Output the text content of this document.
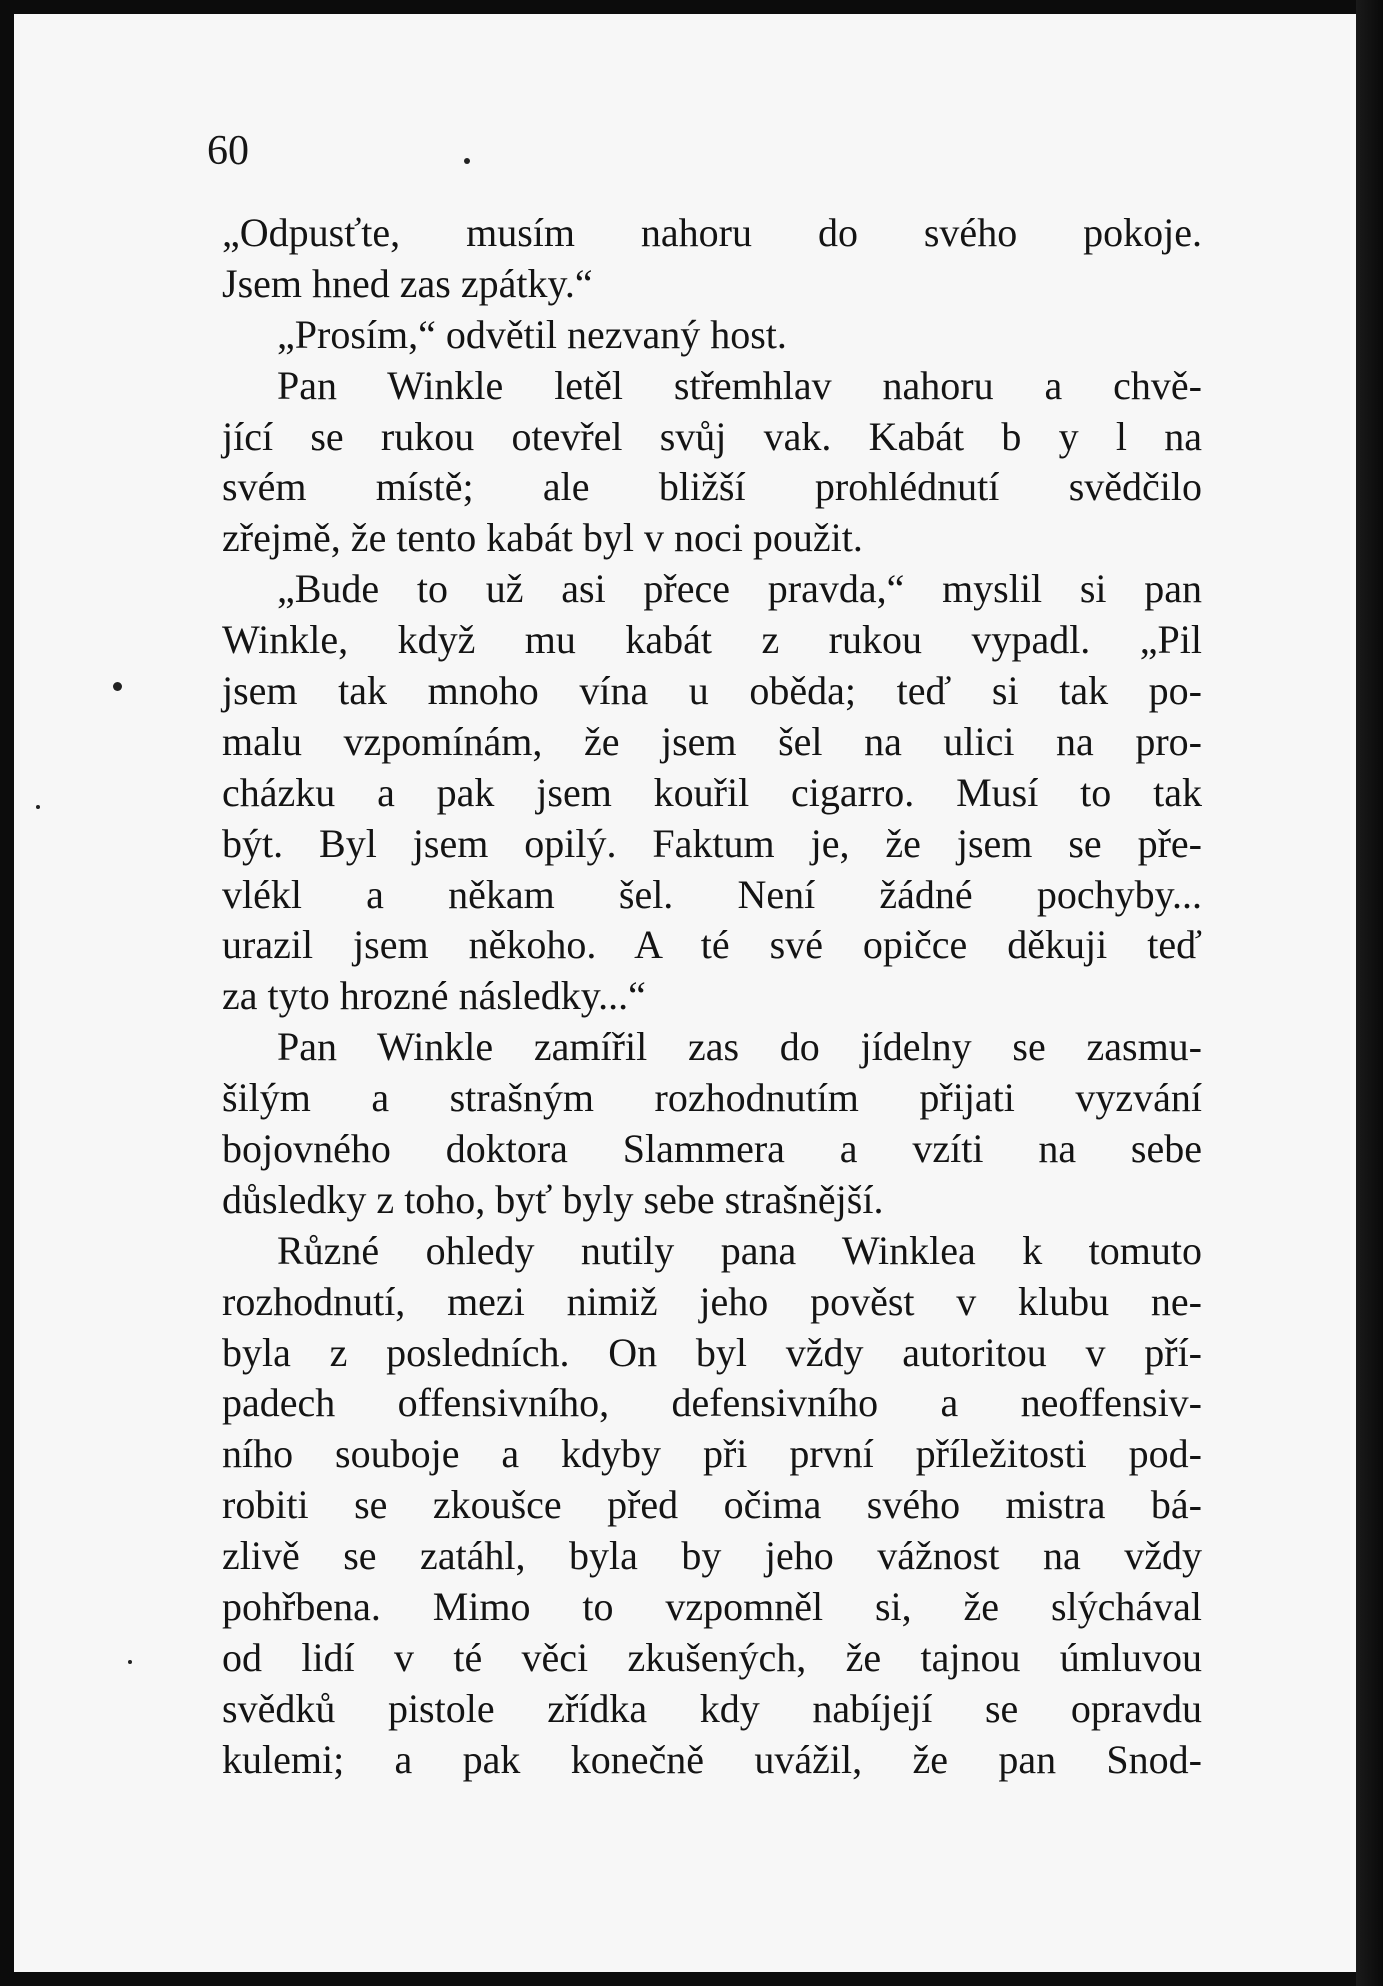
60

„Odpusťte, musím nahoru do svého pokoje.
Jsem hned zas zpátky.“
„Prosím,“ odvětil nezvaný host.
Pan Winkle letěl střemhlav nahoru a chvě-
jící se rukou otevřel svůj vak. Kabát b y l na
svém místě; ale bližší prohlédnutí svědčilo
zřejmě, že tento kabát byl v noci použit.
„Bude to už asi přece pravda,“ myslil si pan
Winkle, když mu kabát z rukou vypadl. „Pil
jsem tak mnoho vína u oběda; teď si tak po-
malu vzpomínám, že jsem šel na ulici na pro-
cházku a pak jsem kouřil cigarro. Musí to tak
být. Byl jsem opilý. Faktum je, že jsem se pře-
vlékl a někam šel. Není žádné pochyby...
urazil jsem někoho. A té své opičce děkuji teď
za tyto hrozné následky...“
Pan Winkle zamířil zas do jídelny se zasmu-
šilým a strašným rozhodnutím přijati vyzvání
bojovného doktora Slammera a vzíti na sebe
důsledky z toho, byť byly sebe strašnější.
Různé ohledy nutily pana Winklea k tomuto
rozhodnutí, mezi nimiž jeho pověst v klubu ne-
byla z posledních. On byl vždy autoritou v pří-
padech offensivního, defensivního a neoffensiv-
ního souboje a kdyby při první příležitosti pod-
robiti se zkoušce před očima svého mistra bá-
zlivě se zatáhl, byla by jeho vážnost na vždy
pohřbena. Mimo to vzpomněl si, že slýchával
od lidí v té věci zkušených, že tajnou úmluvou
svědků pistole zřídka kdy nabíjejí se opravdu
kulemi; a pak konečně uvážil, že pan Snod-
